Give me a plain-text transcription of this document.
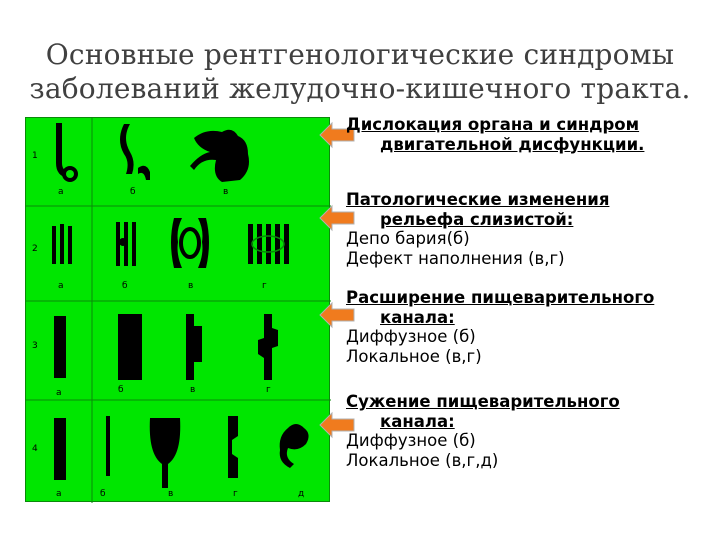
Основные рентгенологические синдромы
заболеваний желудочно-кишечного тракта.
1
2
3
4
а	б	в
а	б	в	г
а	б	в	г
а	б	в	г	д
Дислокация органа и синдром
двигательной дисфункции.
Патологические изменения
рельефа слизистой:
Депо бария(б)
Дефект наполнения (в,г)
Расширение пищеварительного
канала:
Диффузное (б)
Локальное (в,г)
Сужение пищеварительного
канала:
Диффузное (б)
Локальное (в,г,д)
